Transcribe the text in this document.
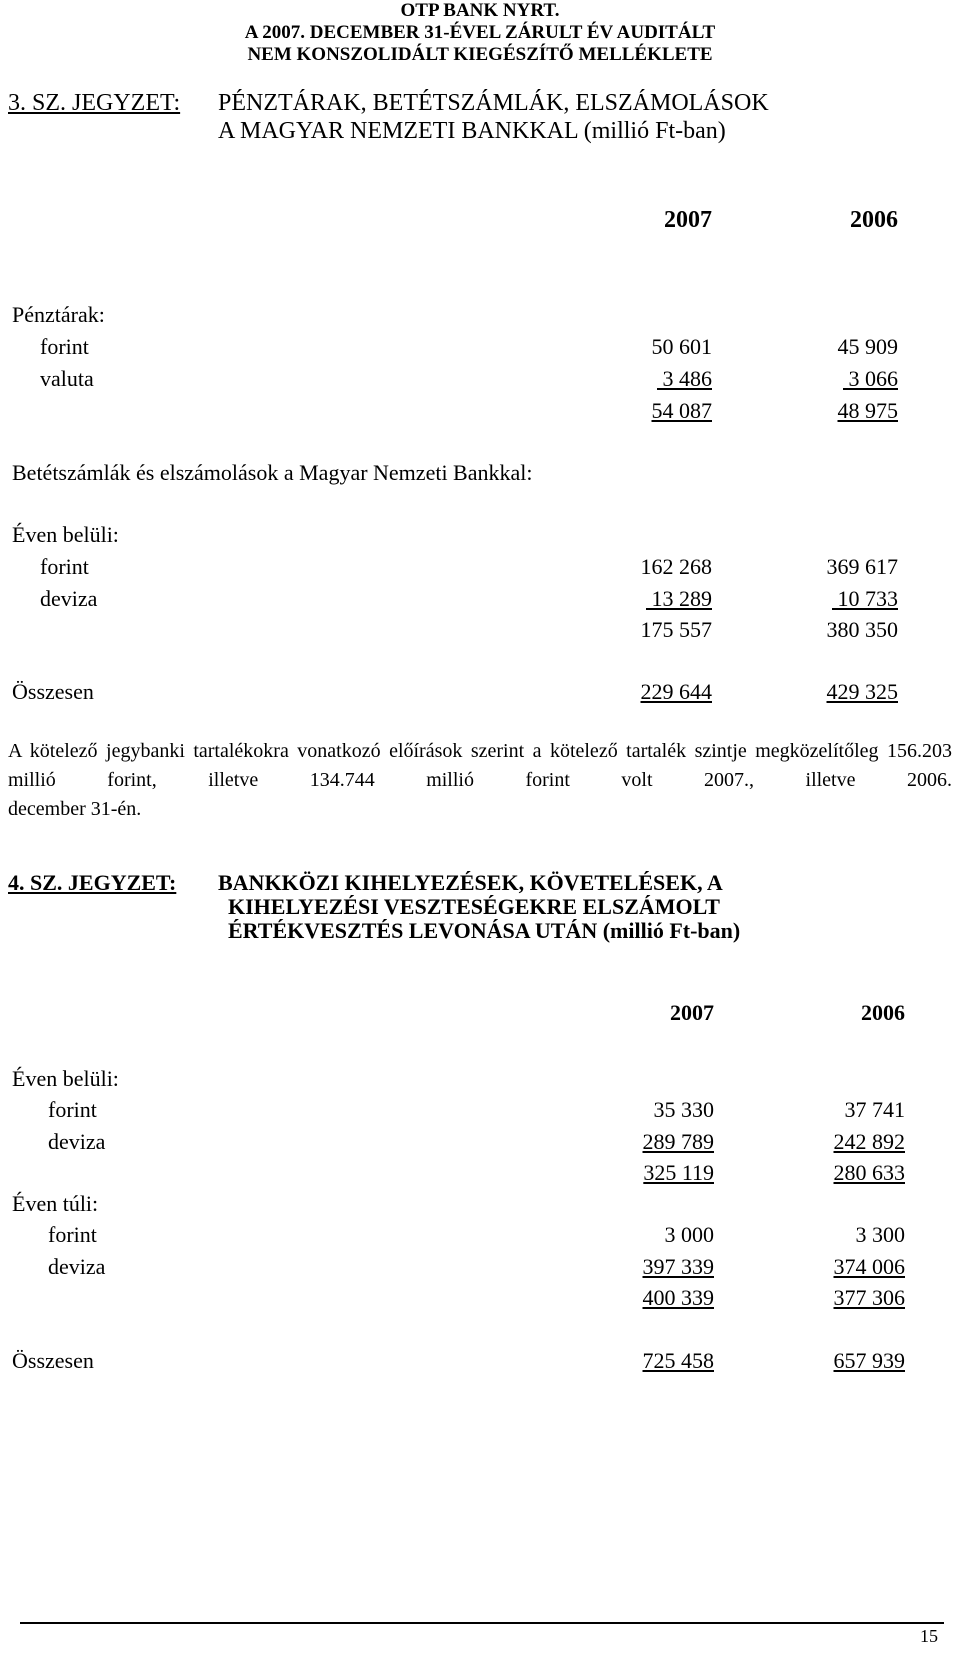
OTP BANK NYRT.
A 2007. DECEMBER 31-ÉVEL ZÁRULT ÉV AUDITÁLT
NEM KONSZOLIDÁLT KIEGÉSZÍTŐ MELLÉKLETE
3. SZ. JEGYZET: PÉNZTÁRAK, BETÉTSZÁMLÁK, ELSZÁMOLÁSOK
A MAGYAR NEMZETI BANKKAL (millió Ft-ban)
2007	2006
Pénztárak:
forint	50 601	45 909
valuta	3 486	3 066
54 087	48 975
Betétszámlák és elszámolások a Magyar Nemzeti Bankkal:
Éven belüli:
forint	162 268	369 617
deviza	13 289	10 733
175 557	380 350
Összesen	229 644	429 325
A kötelező jegybanki tartalékokra vonatkozó előírások szerint a kötelező tartalék szintje megközelítőleg 156.203 millió forint, illetve 134.744 millió forint volt 2007., illetve 2006.
december 31-én.
4. SZ. JEGYZET: BANKKÖZI KIHELYEZÉSEK, KÖVETELÉSEK, A
KIHELYEZÉSI VESZTESÉGEKRE ELSZÁMOLT
ÉRTÉKVESZTÉS LEVONÁSA UTÁN (millió Ft-ban)
2007	2006
Éven belüli:
forint	35 330	37 741
deviza	289 789	242 892
325 119	280 633
Éven túli:
forint	3 000	3 300
deviza	397 339	374 006
400 339	377 306
Összesen	725 458	657 939
15
